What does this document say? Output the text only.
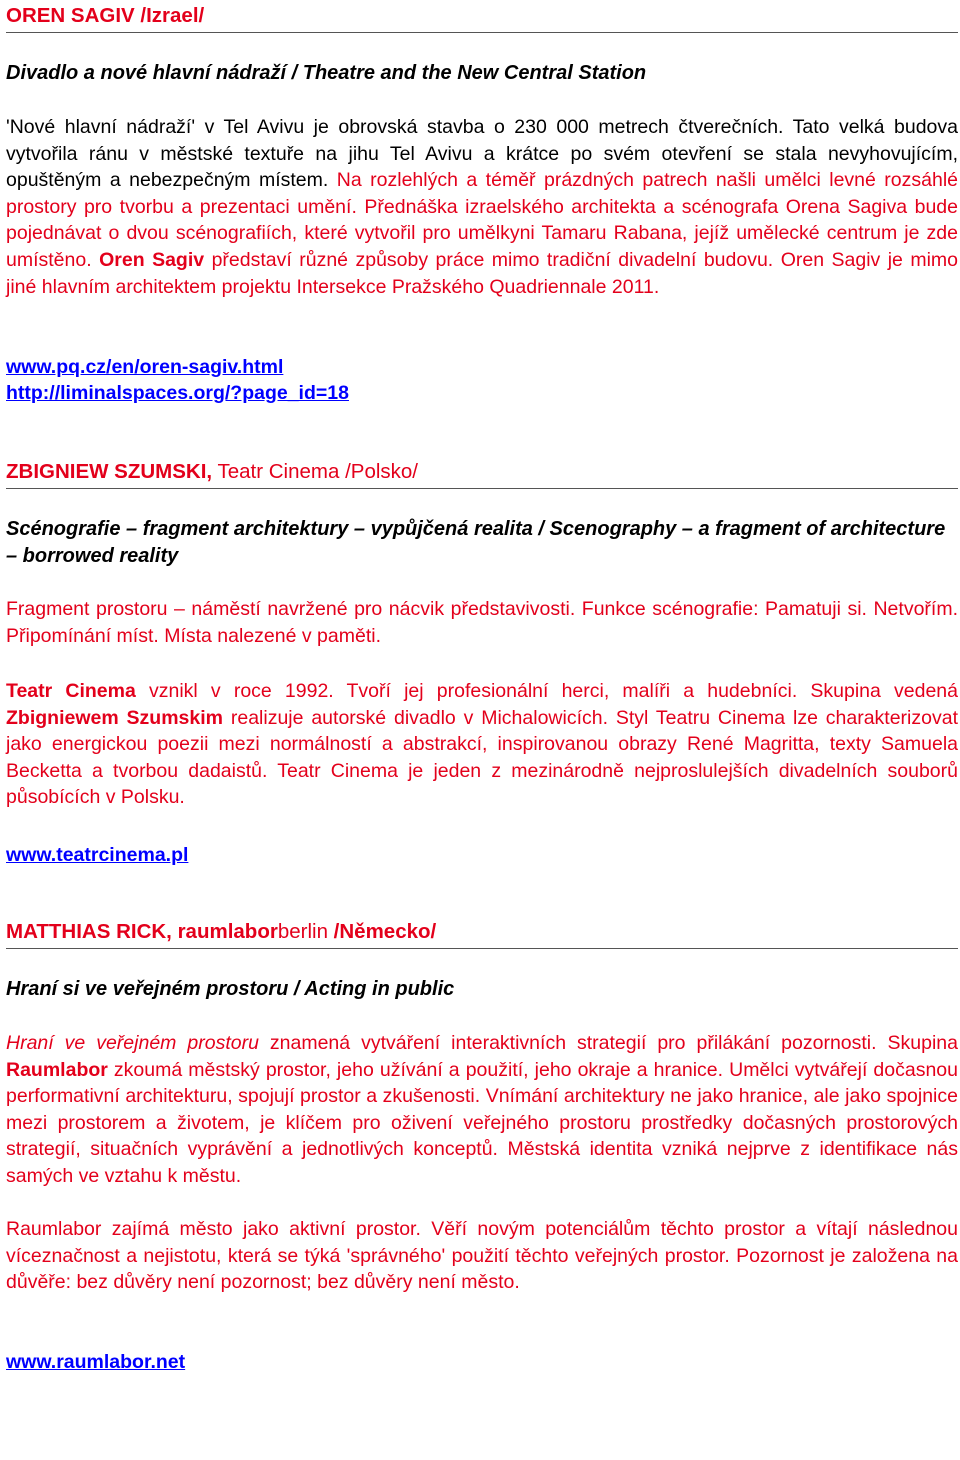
OREN SAGIV /Izrael/
Divadlo a nové hlavní nádraží / Theatre and the New Central Station

'Nové hlavní nádraží' v Tel Avivu je obrovská stavba o 230 000 metrech čtverečních. Tato velká budova vytvořila ránu v městské textuře na jihu Tel Avivu a krátce po svém otevření se stala nevyhovujícím, opuštěným a nebezpečným místem. Na rozlehlých a téměř prázdných patrech našli umělci levné rozsáhlé prostory pro tvorbu a prezentaci umění. Přednáška izraelského architekta a scénografa Orena Sagiva bude pojednávat o dvou scénografiích, které vytvořil pro umělkyni Tamaru Rabana, jejíž umělecké centrum je zde umístěno. Oren Sagiv představí různé způsoby práce mimo tradiční divadelní budovu. Oren Sagiv je mimo jiné hlavním architektem projektu Intersekce Pražského Quadriennale 2011.

www.pq.cz/en/oren-sagiv.html
http://liminalspaces.org/?page_id=18
ZBIGNIEW SZUMSKI, Teatr Cinema /Polsko/
Scénografie – fragment architektury – vypůjčená realita / Scenography – a fragment of architecture – borrowed reality

Fragment prostoru – náměstí navržené pro nácvik představivosti. Funkce scénografie: Pamatuji si. Netvořím. Připomínání míst. Místa nalezené v paměti.

Teatr Cinema vznikl v roce 1992. Tvoří jej profesionální herci, malíři a hudebníci. Skupina vedená Zbigniewem Szumskim realizuje autorské divadlo v Michalowicích. Styl Teatru Cinema lze charakterizovat jako energickou poezii mezi normálností a abstrakcí, inspirovanou obrazy René Magritta, texty Samuela Becketta a tvorbou dadaistů. Teatr Cinema je jeden z mezinárodně nejproslulejších divadelních souborů působících v Polsku.

www.teatrcinema.pl
MATTHIAS RICK, raumlaborberlin /Německo/
Hraní si ve veřejném prostoru / Acting in public

Hraní ve veřejném prostoru znamená vytváření interaktivních strategií pro přilákání pozornosti. Skupina Raumlabor zkoumá městský prostor, jeho užívání a použití, jeho okraje a hranice. Umělci vytvářejí dočasnou performativní architekturu, spojují prostor a zkušenosti. Vnímání architektury ne jako hranice, ale jako spojnice mezi prostorem a životem, je klíčem pro oživení veřejného prostoru prostředky dočasných prostorových strategií, situačních vyprávění a jednotlivých konceptů. Městská identita vzniká nejprve z identifikace nás samých ve vztahu k městu.

Raumlabor zajímá město jako aktivní prostor. Věří novým potenciálům těchto prostor a vítají následnou víceznačnost a nejistotu, která se týká 'správného' použití těchto veřejných prostor. Pozornost je založena na důvěře: bez důvěry není pozornost; bez důvěry není město.

www.raumlabor.net
